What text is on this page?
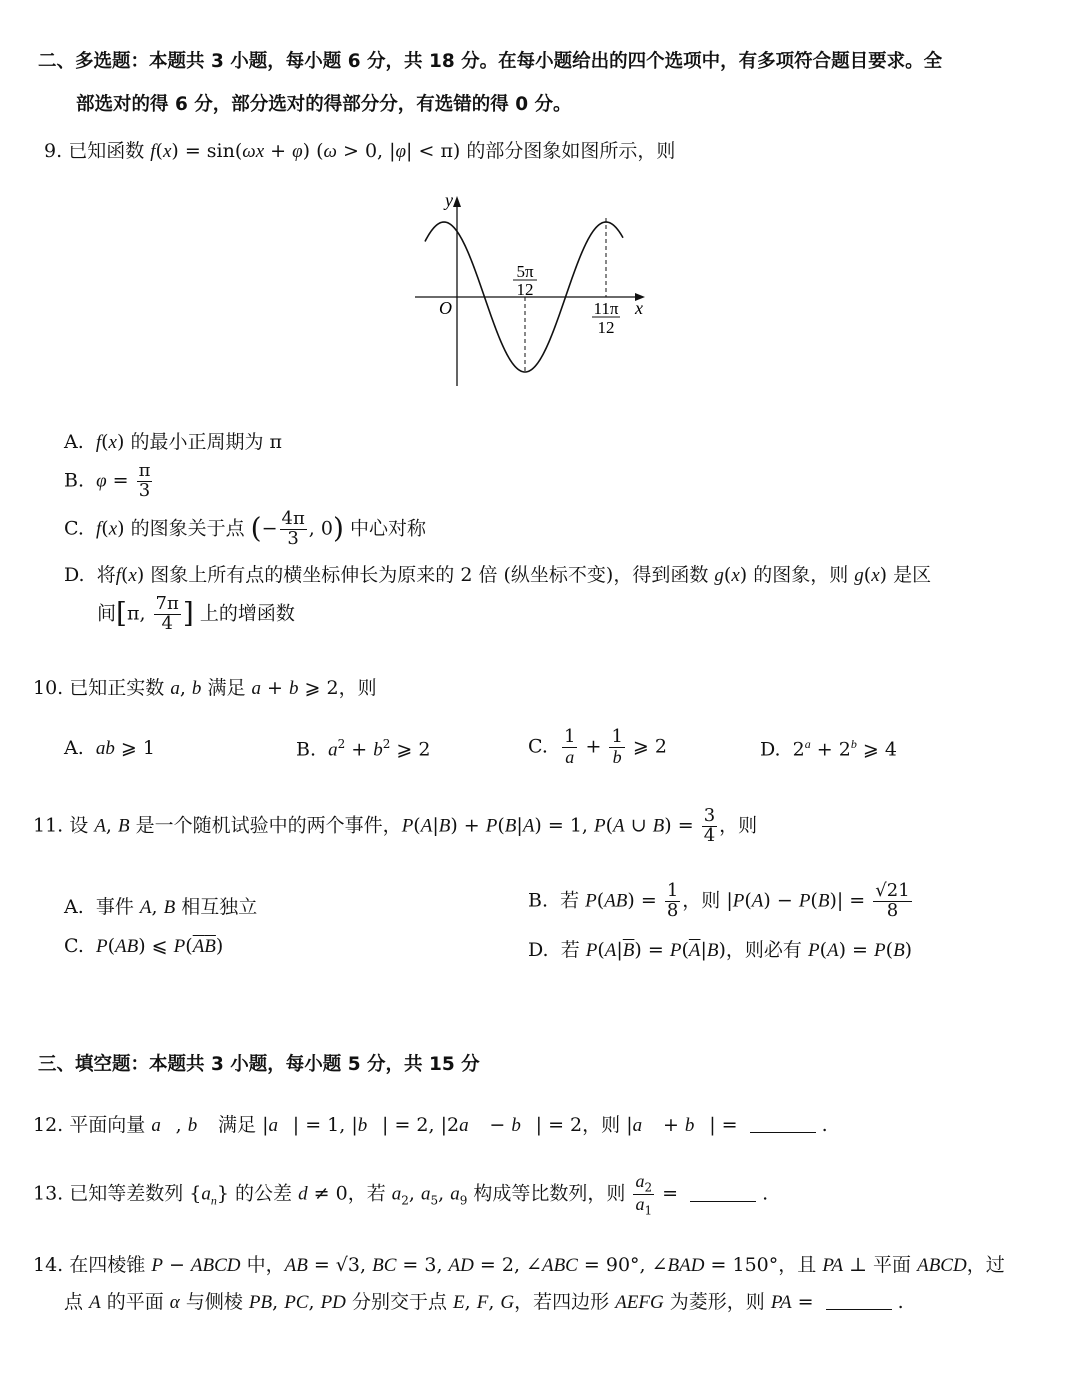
二、多选题：本题共 3 小题，每小题 6 分，共 18 分。在每小题给出的四个选项中，有多项符合题目要求。全
部选对的得 6 分，部分选对的得部分分，有选错的得 0 分。
9. 已知函数 f(x) = sin(ωx + φ) (ω > 0, |φ| < π) 的部分图象如图所示，则
y
x
O
5π
12
11π
12
A.  f(x) 的最小正周期为 π
B.  $\varphi = \frac{\pi}{3}$
C.  f(x) 的图象关于点 (− $\frac{4\pi}{3}$ , 0) 中心对称
D.  将f(x) 图象上所有点的横坐标伸长为原来的 2 倍 (纵坐标不变)，得到函数 g(x) 的图象，则 g(x) 是区
间[π, $\frac{7\pi}{4}$ ] 上的增函数
10. 已知正实数 a, b 满足 a + b ⩾ 2，则
A.  ab ⩾ 1	B.  $a^2 + b^2$ ⩾ 2	C. $\frac{1}{a} + \frac{1}{b}$ ⩾ 2	D.  $2^a + 2^b$ ⩾ 4
11. 设 A, B 是一个随机试验中的两个事件，P(A|B) + P(B|A) = 1, P(A ∪ $B) = \frac{3}{4}$ ，则
A.  事件 A, B 相互独立	B.  若 $P(AB) = \frac{1}{8}$ ，则 $|P(A) - P(B)| = \frac{√21}{8}$
C.  P(AB) ⩽ $P(\overline{A}\overline{B})$	D.  若 $P(A|\overline{B}) = P(\overline{A}|B)$，则必有 P(A) = P(B)
三、填空题：本题共 3 小题，每小题 5 分，共 15 分
12. 平面向量 a⃗, b⃗ 满足 |a⃗| = 1, |b⃗| = 2, |2a⃗ − b⃗| = 2，则 |a⃗ + b⃗| =	.
13. 已知等差数列 $\{a_n\}$ 的公差 d ≠ 0，若 $a_2$, $a_5$, $a_9$ 构成等比数列，则 $\frac{a_2}{a_1}$ =	.
14. 在四棱锥 P − ABCD 中，AB = √3, BC = 3, AD = 2, ∠ABC = 90°, ∠BAD = 150°，且 PA ⊥ 平面 ABCD，过
点 A 的平面 α 与侧棱 PB, PC, PD 分别交于点 E, F, G，若四边形 AEFG 为菱形，则 PA =	.
